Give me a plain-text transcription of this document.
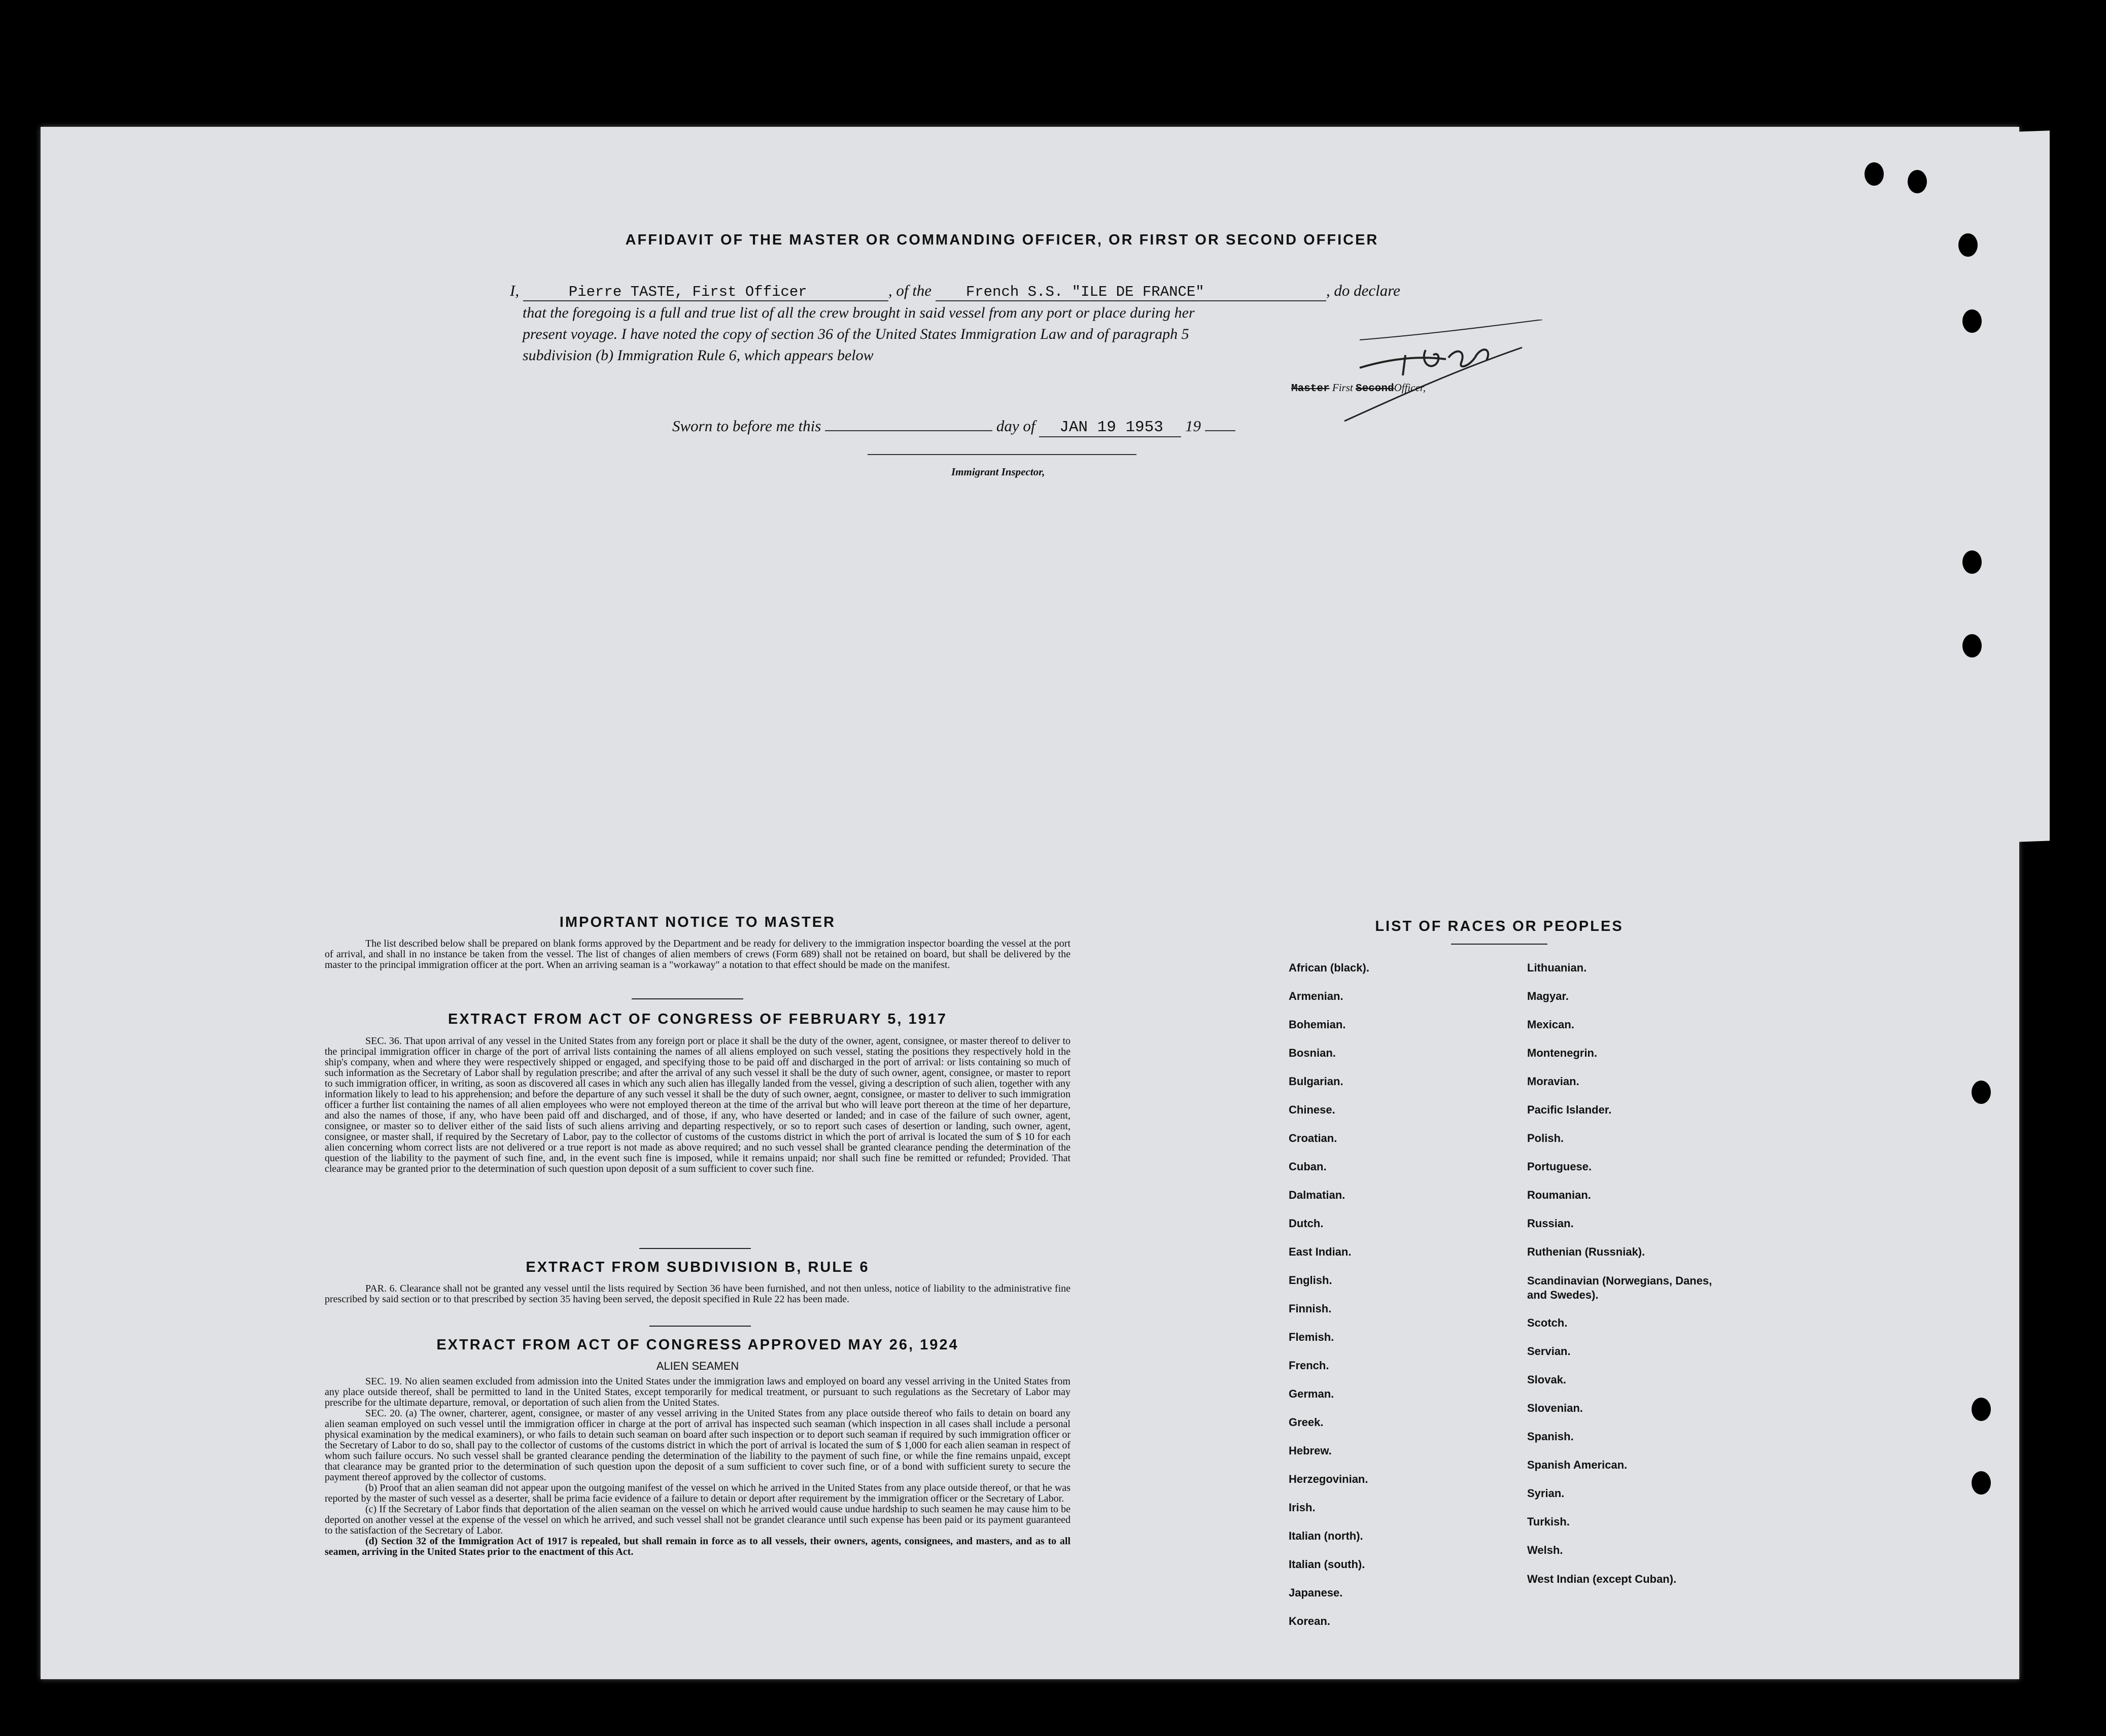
AFFIDAVIT OF THE MASTER OR COMMANDING OFFICER, OR FIRST OR SECOND OFFICER
I,	Pierre TASTE, First Officer	, of the French S.S. "ILE DE FRANCE"	, do declare
that the foregoing is a full and true list of all the crew brought in said vessel from any port or place during her
present voyage. I have noted the copy of section 36 of the United States Immigration Law and of paragraph 5
subdivision (b) Immigration Rule 6, which appears below
Master First SecondOfficer,
Sworn to before me this	day of JAN 19 1953 19
Immigrant Inspector,
IMPORTANT NOTICE TO MASTER
The list described below shall be prepared on blank forms approved by the Department and be ready for delivery to the immigration inspector boarding the vessel at the port of arrival, and shall in no instance be taken from the vessel. The list of changes of alien members of crews (Form 689) shall not be retained on board, but shall be delivered by the master to the principal immigration officer at the port. When an arriving seaman is a "workaway" a notation to that effect should be made on the manifest.
EXTRACT FROM ACT OF CONGRESS OF FEBRUARY 5, 1917
SEC. 36. That upon arrival of any vessel in the United States from any foreign port or place it shall be the duty of the owner, agent, consignee, or master thereof to deliver to the principal immigration officer in charge of the port of arrival lists containing the names of all aliens employed on such vessel, stating the positions they respectively hold in the ship's company, when and where they were respectively shipped or engaged, and specifying those to be paid off and discharged in the port of arrival: or lists containing so much of such information as the Secretary of Labor shall by regulation prescribe; and after the arrival of any such vessel it shall be the duty of such owner, agent, consignee, or master to report to such immigration officer, in writing, as soon as discovered all cases in which any such alien has illegally landed from the vessel, giving a description of such alien, together with any information likely to lead to his apprehension; and before the departure of any such vessel it shall be the duty of such owner, aegnt, consignee, or master to deliver to such immigration officer a further list containing the names of all alien employees who were not employed thereon at the time of the arrival but who will leave port thereon at the time of her departure, and also the names of those, if any, who have been paid off and discharged, and of those, if any, who have deserted or landed; and in case of the failure of such owner, agent, consignee, or master so to deliver either of the said lists of such aliens arriving and departing respectively, or so to report such cases of desertion or landing, such owner, agent, consignee, or master shall, if required by the Secretary of Labor, pay to the collector of customs of the customs district in which the port of arrival is located the sum of $ 10 for each alien concerning whom correct lists are not delivered or a true report is not made as above required; and no such vessel shall be granted clearance pending the determination of the question of the liability to the payment of such fine, and, in the event such fine is imposed, while it remains unpaid; nor shall such fine be remitted or refunded; Provided. That clearance may be granted prior to the determination of such question upon deposit of a sum sufficient to cover such fine.
EXTRACT FROM SUBDIVISION B, RULE 6
PAR. 6. Clearance shall not be granted any vessel until the lists required by Section 36 have been furnished, and not then unless, notice of liability to the administrative fine prescribed by said section or to that prescribed by section 35 having been served, the deposit specified in Rule 22 has been made.
EXTRACT FROM ACT OF CONGRESS APPROVED MAY 26, 1924
ALIEN SEAMEN
SEC. 19. No alien seamen excluded from admission into the United States under the immigration laws and employed on board any vessel arriving in the United States from any place outside thereof, shall be permitted to land in the United States, except temporarily for medical treatment, or pursuant to such regulations as the Secretary of Labor may prescribe for the ultimate departure, removal, or deportation of such alien from the United States.
SEC. 20. (a) The owner, charterer, agent, consignee, or master of any vessel arriving in the United States from any place outside thereof who fails to detain on board any alien seaman employed on such vessel until the immigration officer in charge at the port of arrival has inspected such seaman (which inspection in all cases shall include a personal physical examination by the medical examiners), or who fails to detain such seaman on board after such inspection or to deport such seaman if required by such immigration officer or the Secretary of Labor to do so, shall pay to the collector of customs of the customs district in which the port of arrival is located the sum of $ 1,000 for each alien seaman in respect of whom such failure occurs. No such vessel shall be granted clearance pending the determination of the liability to the payment of such fine, or while the fine remains unpaid, except that clearance may be granted prior to the determination of such question upon the deposit of a sum sufficient to cover such fine, or of a bond with sufficient surety to secure the payment thereof approved by the collector of customs.
(b) Proof that an alien seaman did not appear upon the outgoing manifest of the vessel on which he arrived in the United States from any place outside thereof, or that he was reported by the master of such vessel as a deserter, shall be prima facie evidence of a failure to detain or deport after requirement by the immigration officer or the Secretary of Labor.
(c) If the Secretary of Labor finds that deportation of the alien seaman on the vessel on which he arrived would cause undue hardship to such seamen he may cause him to be deported on another vessel at the expense of the vessel on which he arrived, and such vessel shall not be grandet clearance until such expense has been paid or its payment guaranteed to the satisfaction of the Secretary of Labor.
(d) Section 32 of the Immigration Act of 1917 is repealed, but shall remain in force as to all vessels, their owners, agents, consignees, and masters, and as to all seamen, arriving in the United States prior to the enactment of this Act.
LIST OF RACES OR PEOPLES
African (black).
Armenian.
Bohemian.
Bosnian.
Bulgarian.
Chinese.
Croatian.
Cuban.
Dalmatian.
Dutch.
East Indian.
English.
Finnish.
Flemish.
French.
German.
Greek.
Hebrew.
Herzegovinian.
Irish.
Italian (north).
Italian (south).
Japanese.
Korean.
Lithuanian.
Magyar.
Mexican.
Montenegrin.
Moravian.
Pacific Islander.
Polish.
Portuguese.
Roumanian.
Russian.
Ruthenian (Russniak).
Scandinavian (Norwegians, Danes, and Swedes).
Scotch.
Servian.
Slovak.
Slovenian.
Spanish.
Spanish American.
Syrian.
Turkish.
Welsh.
West Indian (except Cuban).
